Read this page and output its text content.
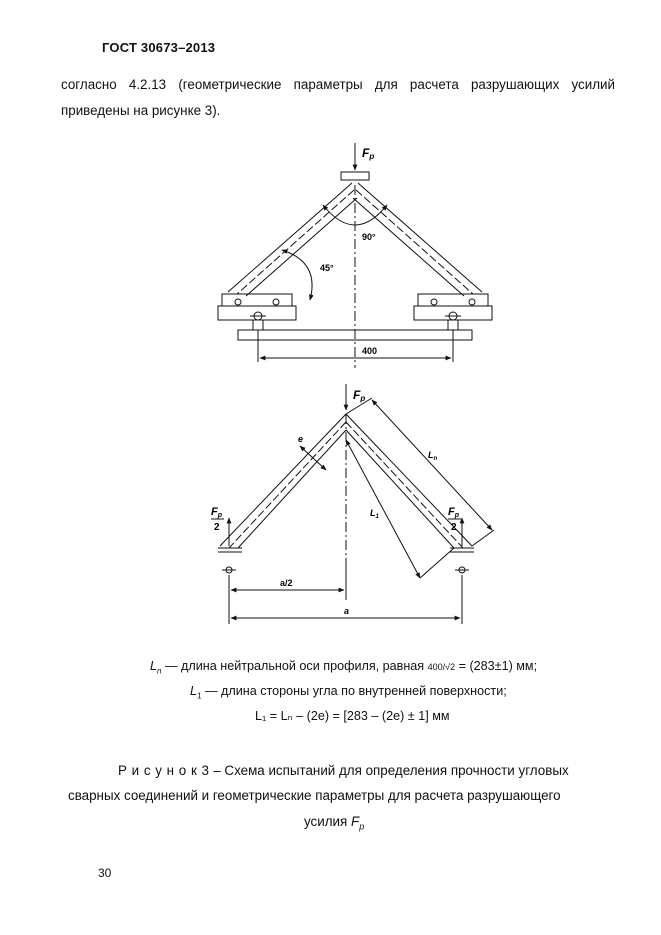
ГОСТ 30673–2013
согласно 4.2.13 (геометрические параметры для расчета разрушающих усилий
приведены на рисунке 3).
Fp
90°
45°
400
Fp
Fp
2
Fp
2
e
$L_n$
$L_1$
a/2
a
$L_n$ — длина нейтральной оси профиля, равная 400/√2 = (283±1) мм;
$L_1$ — длина стороны угла по внутренней поверхности;
L₁ = Lₙ – (2e) = [283 – (2e) ± 1] мм
Р и с у н о к 3 – Схема испытаний для определения прочности угловых
сварных соединений и геометрические параметры для расчета разрушающего
усилия $F_p$
30
